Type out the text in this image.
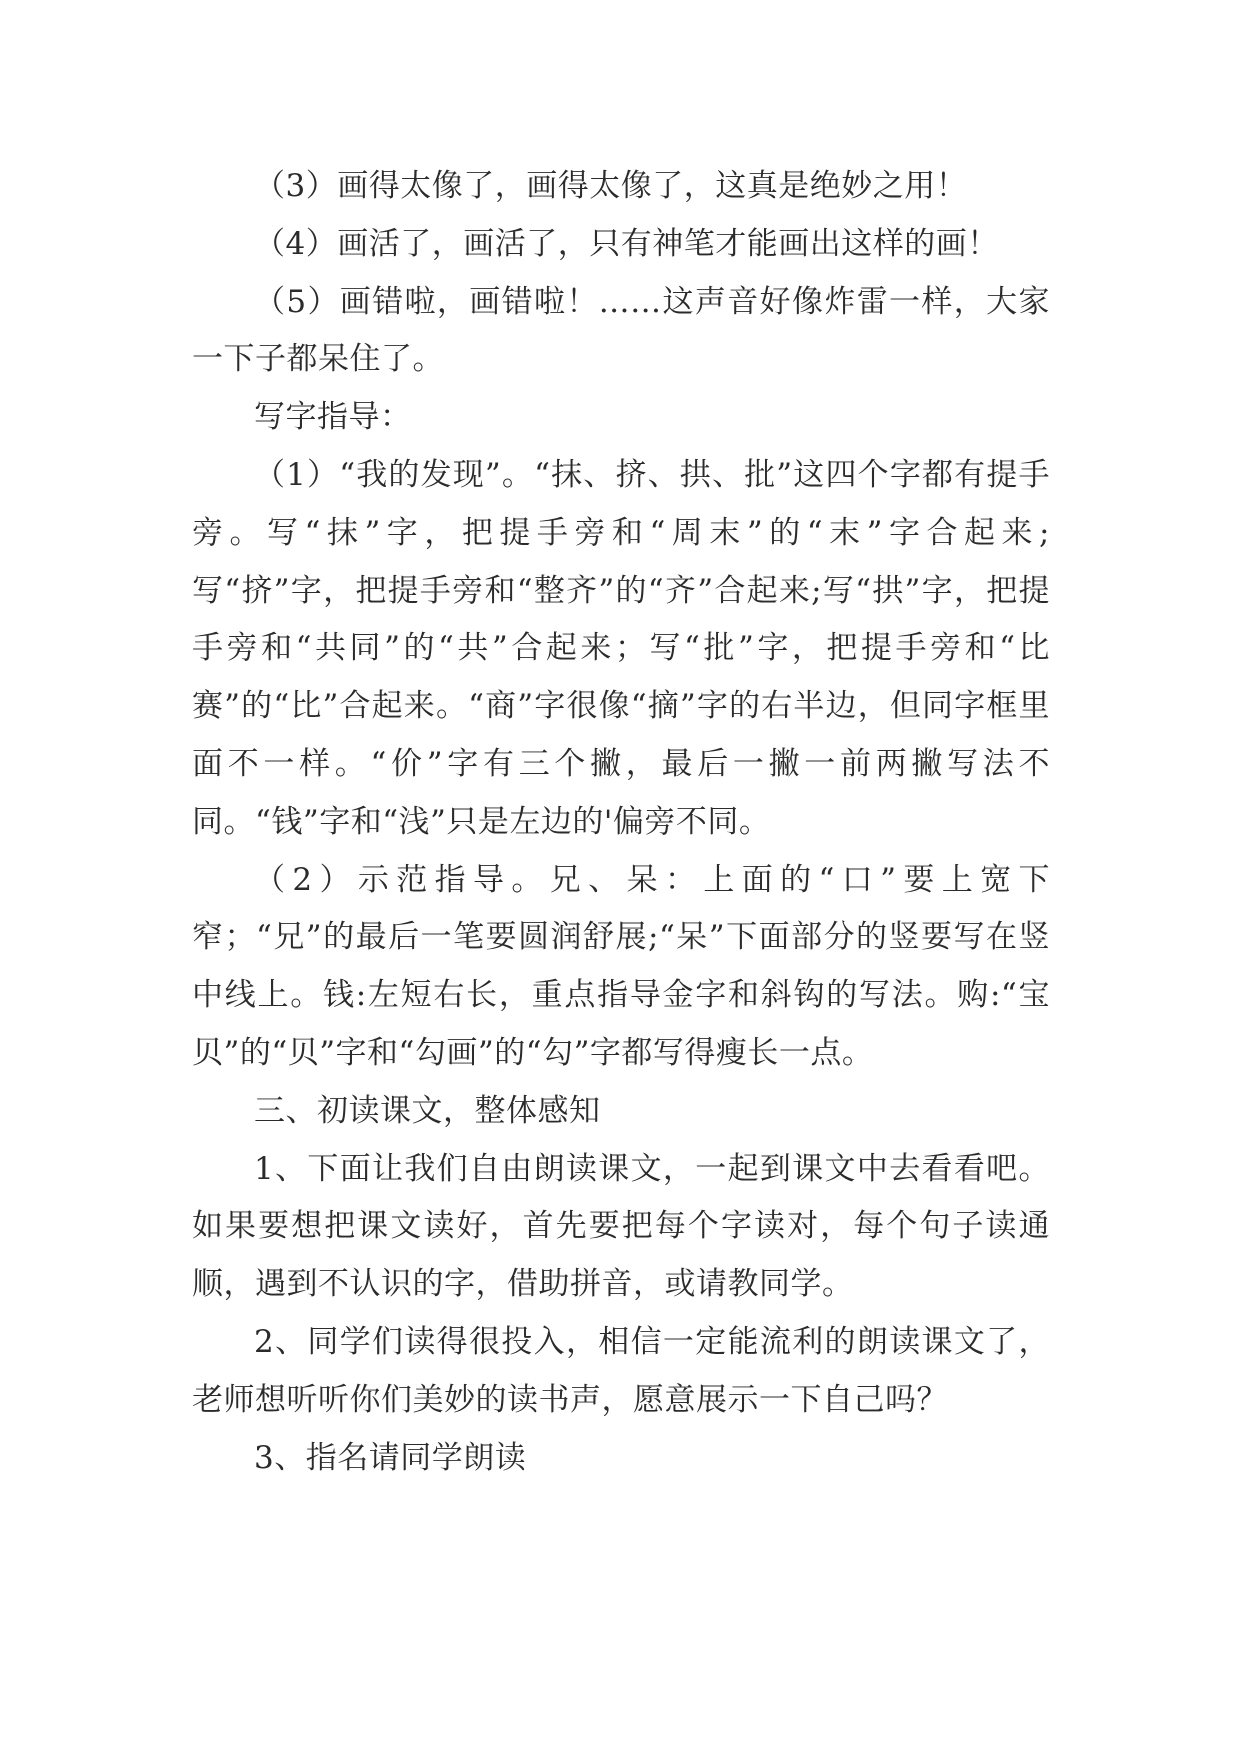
（3）画得太像了，画得太像了，这真是绝妙之用！

（4）画活了，画活了，只有神笔才能画出这样的画！

（5）画错啦，画错啦！……这声音好像炸雷一样，大家一下子都呆住了。

写字指导：

（1）“我的发现”。“抹、挤、拱、批”这四个字都有提手旁。写“抹”字，把提手旁和“周末”的“末”字合起来;写“挤”字，把提手旁和“整齐”的“齐”合起来;写“拱”字，把提手旁和“共同”的“共”合起来；写“批”字，把提手旁和“比赛”的“比”合起来。“商”字很像“摘”字的右半边，但同字框里面不一样。“价”字有三个撇，最后一撇一前两撇写法不同。“钱”字和“浅”只是左边的'偏旁不同。

（2）示范指导。兄、呆：上面的“口”要上宽下窄；“兄”的最后一笔要圆润舒展;“呆”下面部分的竖要写在竖中线上。钱:左短右长，重点指导金字和斜钩的写法。购:“宝贝”的“贝”字和“勾画”的“勾”字都写得瘦长一点。

三、初读课文，整体感知

1、下面让我们自由朗读课文，一起到课文中去看看吧。如果要想把课文读好，首先要把每个字读对，每个句子读通顺，遇到不认识的字，借助拼音，或请教同学。

2、同学们读得很投入，相信一定能流利的朗读课文了，老师想听听你们美妙的读书声，愿意展示一下自己吗？

3、指名请同学朗读
